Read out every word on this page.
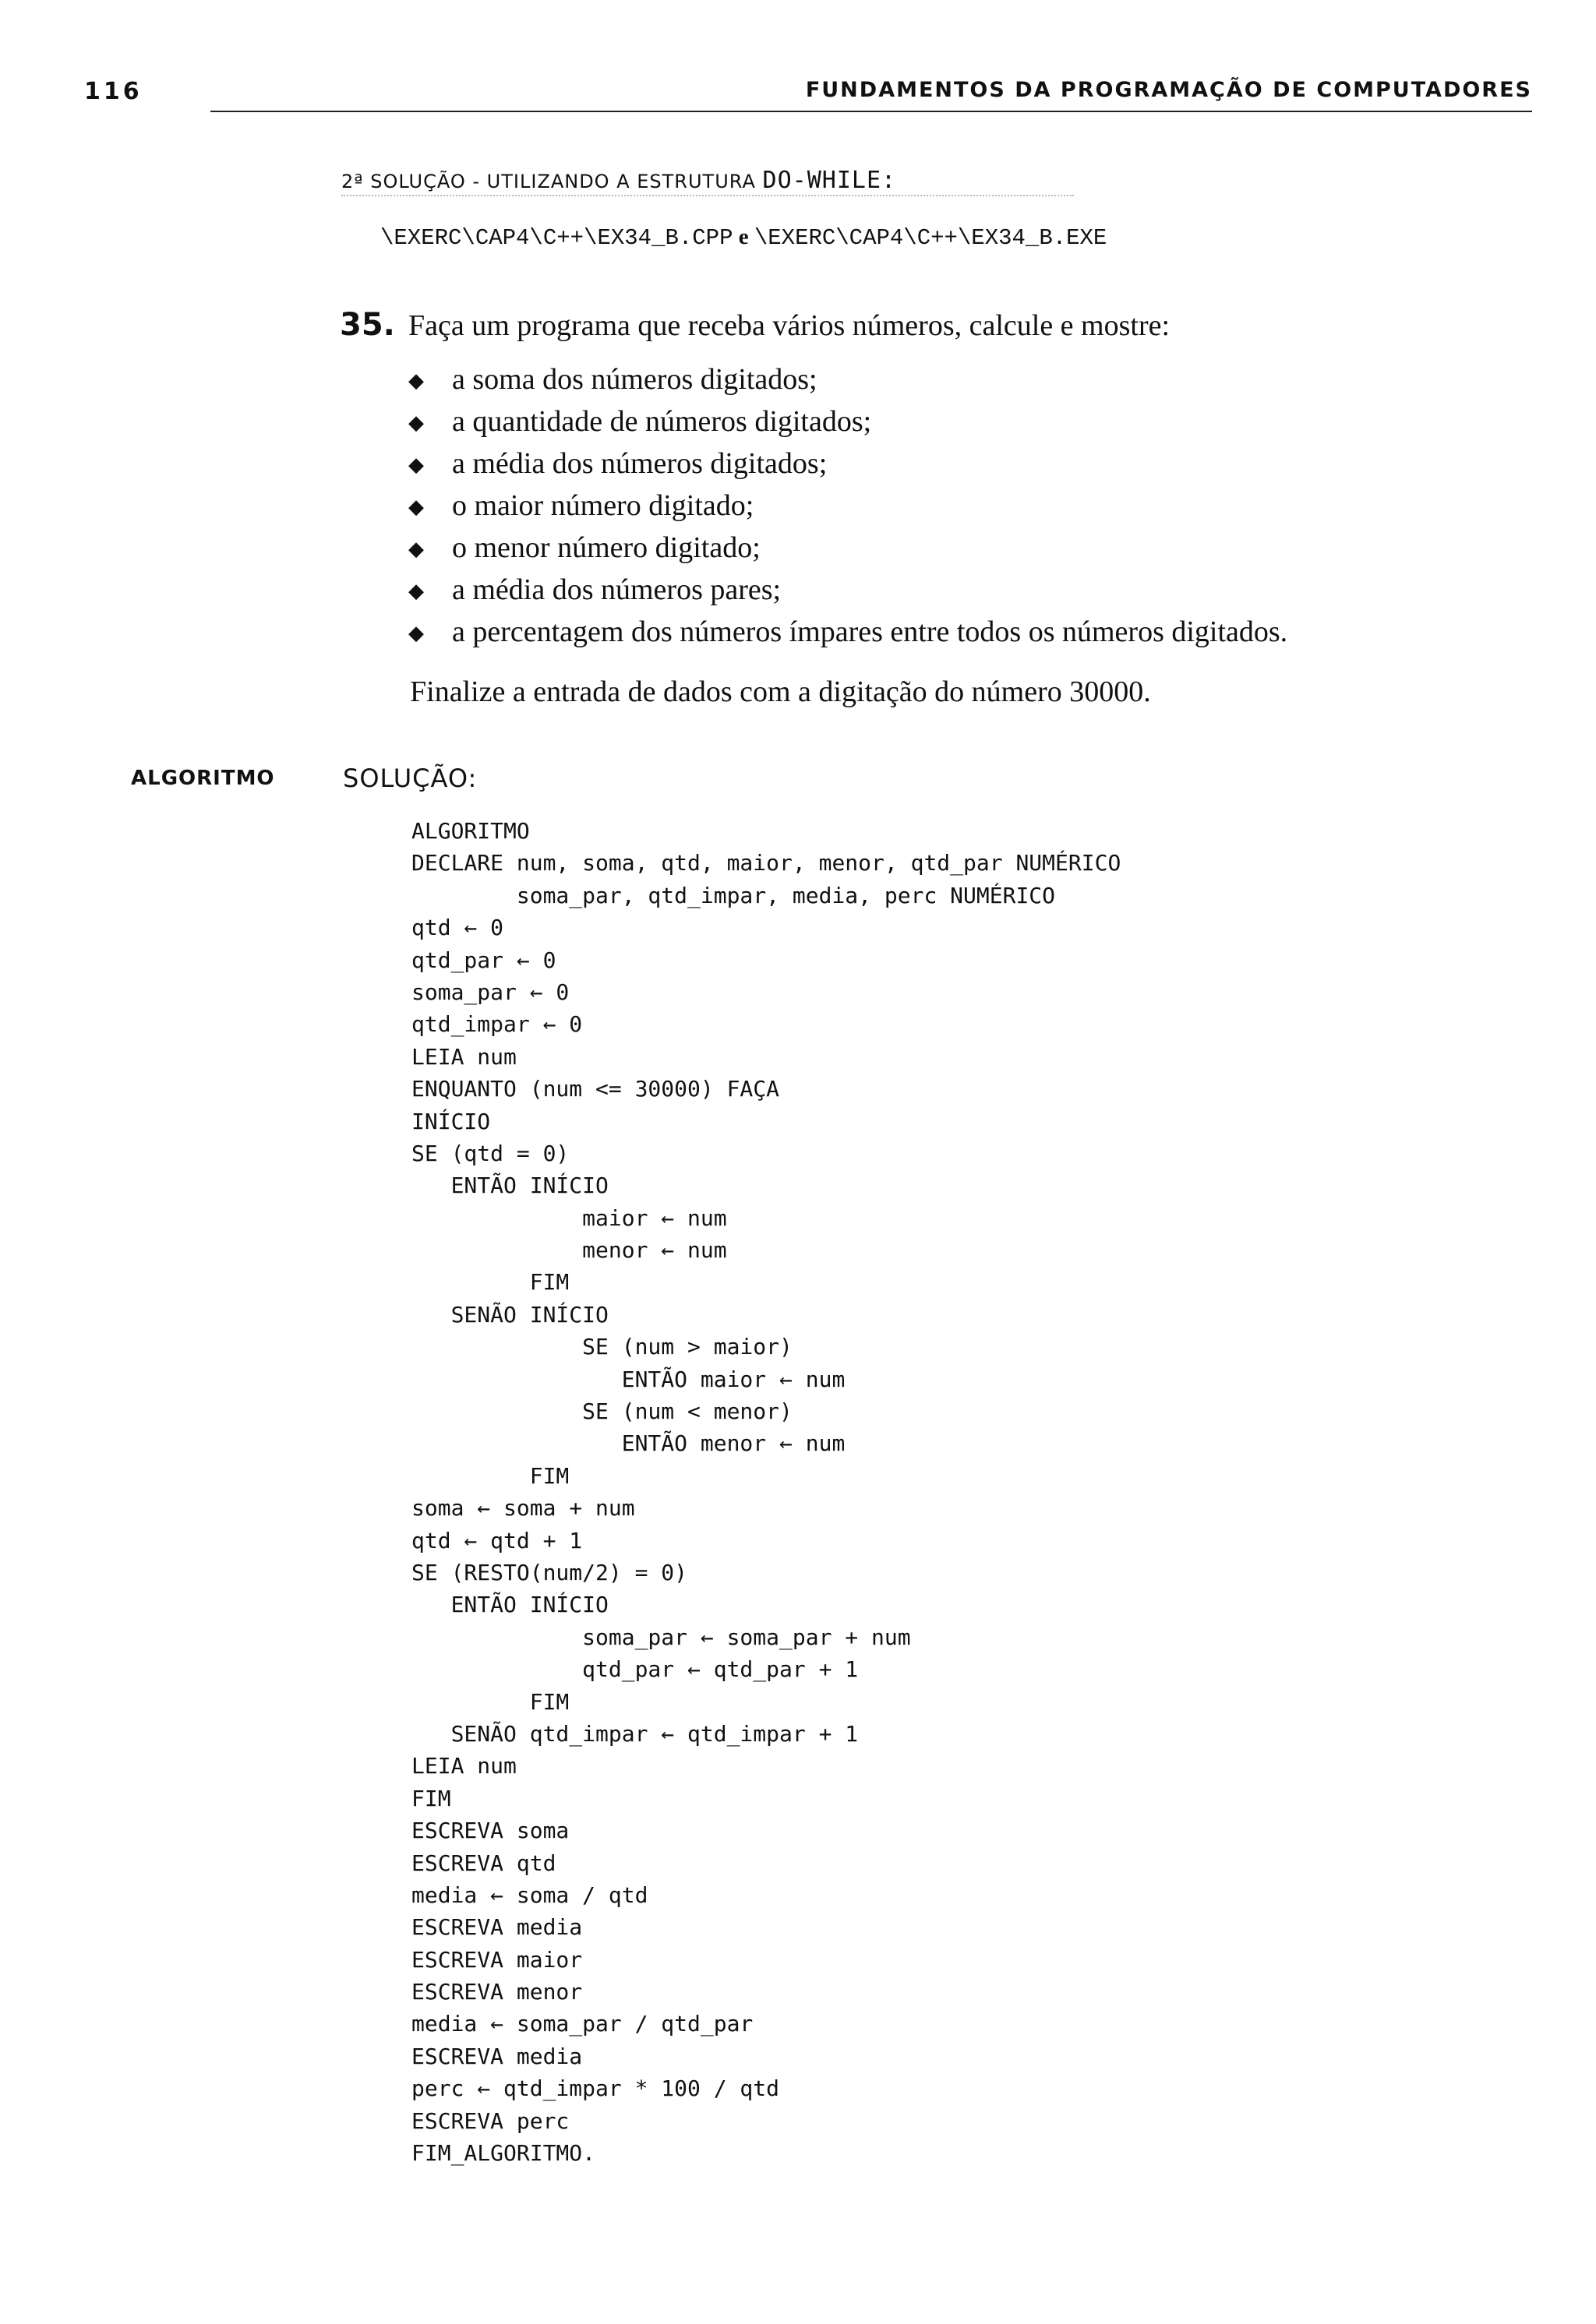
116	FUNDAMENTOS DA PROGRAMAÇÃO DE COMPUTADORES
2ª SOLUÇÃO - UTILIZANDO A ESTRUTURA DO-WHILE:
\EXERC\CAP4\C++\EX34_B.CPP e \EXERC\CAP4\C++\EX34_B.EXE
35. Faça um programa que receba vários números, calcule e mostre:
◆ a soma dos números digitados;
◆ a quantidade de números digitados;
◆ a média dos números digitados;
◆ o maior número digitado;
◆ o menor número digitado;
◆ a média dos números pares;
◆ a percentagem dos números ímpares entre todos os números digitados.
Finalize a entrada de dados com a digitação do número 30000.
ALGORITMO	SOLUÇÃO:
ALGORITMO
DECLARE num, soma, qtd, maior, menor, qtd_par NUMÉRICO
soma_par, qtd_impar, media, perc NUMÉRICO
qtd ← 0
qtd_par ← 0
soma_par ← 0
qtd_impar ← 0
LEIA num
ENQUANTO (num <= 30000) FAÇA
INÍCIO
SE (qtd = 0)
ENTÃO INÍCIO
maior ← num
menor ← num
FIM
SENÃO INÍCIO
SE (num > maior)
ENTÃO maior ← num
SE (num < menor)
ENTÃO menor ← num
FIM
soma ← soma + num
qtd ← qtd + 1
SE (RESTO(num/2) = 0)
ENTÃO INÍCIO
soma_par ← soma_par + num
qtd_par ← qtd_par + 1
FIM
SENÃO qtd_impar ← qtd_impar + 1
LEIA num
FIM
ESCREVA soma
ESCREVA qtd
media ← soma / qtd
ESCREVA media
ESCREVA maior
ESCREVA menor
media ← soma_par / qtd_par
ESCREVA media
perc ← qtd_impar * 100 / qtd
ESCREVA perc
FIM_ALGORITMO.
